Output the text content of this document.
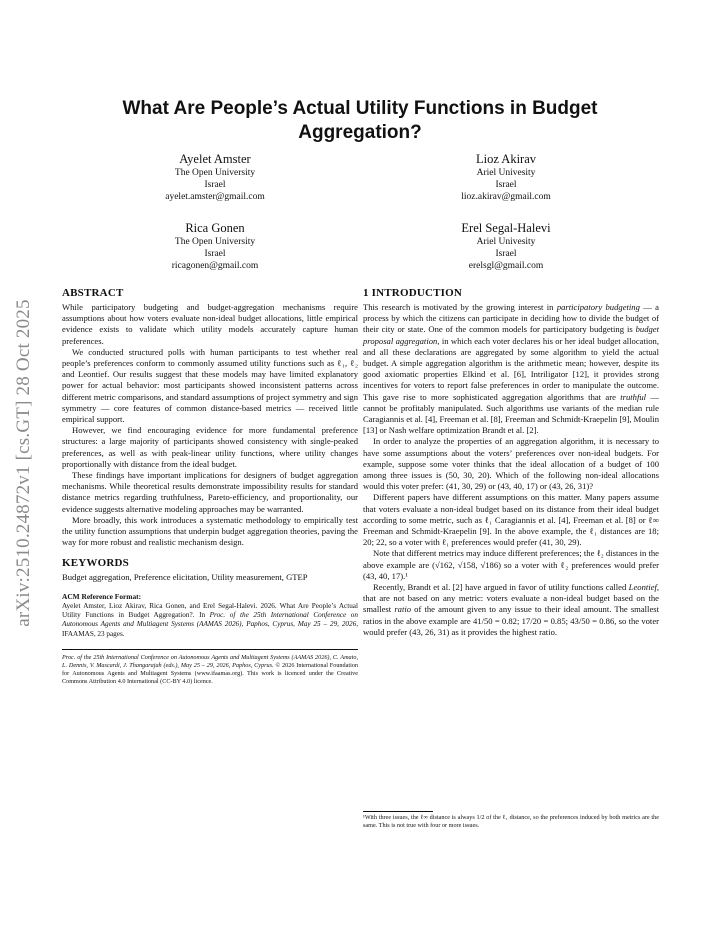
arXiv:2510.24872v1 [cs.GT] 28 Oct 2025
What Are People’s Actual Utility Functions in Budget Aggregation?
Ayelet Amster
The Open University
Israel
ayelet.amster@gmail.com
Lioz Akirav
Ariel Univesity
Israel
lioz.akirav@gmail.com
Rica Gonen
The Open University
Israel
ricagonen@gmail.com
Erel Segal-Halevi
Ariel Univesity
Israel
erelsgl@gmail.com
ABSTRACT

While participatory budgeting and budget-aggregation mechanisms require assumptions about how voters evaluate non-ideal budget allocations, little empirical evidence exists to validate which utility models accurately capture human preferences.

We conducted structured polls with human participants to test whether real people’s preferences conform to commonly assumed utility functions such as ℓ₁, ℓ₂ and Leontief. Our results suggest that these models may have limited explanatory power for actual behavior: most participants showed inconsistent patterns across different metric comparisons, and standard assumptions of project symmetry and sign symmetry — core features of common distance-based metrics — received little empirical support.

However, we find encouraging evidence for more fundamental preference structures: a large majority of participants showed consistency with single-peaked preferences, as well as with peak-linear utility functions, where utility changes proportionally with distance from the ideal budget.

These findings have important implications for designers of budget aggregation mechanisms. While theoretical results demonstrate impossibility results for standard distance metrics regarding truthfulness, Pareto-efficiency, and proportionality, our evidence suggests alternative modeling approaches may be warranted.

More broadly, this work introduces a systematic methodology to empirically test the utility function assumptions that underpin budget aggregation theories, paving the way for more robust and realistic mechanism design.

KEYWORDS

Budget aggregation, Preference elicitation, Utility measurement, GTEP

ACM Reference Format:

Ayelet Amster, Lioz Akirav, Rica Gonen, and Erel Segal-Halevi. 2026. What Are People’s Actual Utility Functions in Budget Aggregation?. In Proc. of the 25th International Conference on Autonomous Agents and Multiagent Systems (AAMAS 2026), Paphos, Cyprus, May 25 – 29, 2026, IFAAMAS, 23 pages.

Proc. of the 25th International Conference on Autonomous Agents and Multiagent Systems (AAMAS 2026), C. Amato, L. Dennis, V. Mascardi, J. Thangarajah (eds.), May 25 – 29, 2026, Paphos, Cyprus. © 2026 International Foundation for Autonomous Agents and Multiagent Systems (www.ifaamas.org). This work is licenced under the Creative Commons Attribution 4.0 International (CC-BY 4.0) licence.

1 INTRODUCTION

This research is motivated by the growing interest in participatory budgeting — a process by which the citizens can participate in deciding how to divide the budget of their city or state. One of the common models for participatory budgeting is budget proposal aggregation, in which each voter declares his or her ideal budget allocation, and all these declarations are aggregated by some algorithm to yield the actual budget. A simple aggregation algorithm is the arithmetic mean; however, despite its good axiomatic properties Elkind et al. [6], Intriligator [12], it provides strong incentives for voters to report false preferences in order to manipulate the outcome. This gave rise to more sophisticated aggregation algorithms that are truthful — cannot be profitably manipulated. Such algorithms use variants of the median rule Caragiannis et al. [4], Freeman et al. [8], Freeman and Schmidt-Kraepelin [9], Moulin [13] or Nash welfare optimization Brandt et al. [2].

In order to analyze the properties of an aggregation algorithm, it is necessary to have some assumptions about the voters’ preferences over non-ideal budgets. For example, suppose some voter thinks that the ideal allocation of a budget of 100 among three issues is (50, 30, 20). Which of the following non-ideal allocations would this voter prefer: (41, 30, 29) or (43, 40, 17) or (43, 26, 31)?

Different papers have different assumptions on this matter. Many papers assume that voters evaluate a non-ideal budget based on its distance from their ideal budget according to some metric, such as ℓ₁ Caragiannis et al. [4], Freeman et al. [8] or ℓ∞ Freeman and Schmidt-Kraepelin [9]. In the above example, the ℓ₁ distances are 18; 20; 22, so a voter with ℓ₁ preferences would prefer (41, 30, 29).

Note that different metrics may induce different preferences; the ℓ₂ distances in the above example are (√162, √158, √186) so a voter with ℓ₂ preferences would prefer (43, 40, 17).¹

Recently, Brandt et al. [2] have argued in favor of utility functions called Leontief, that are not based on any metric: voters evaluate a non-ideal budget based on the smallest ratio of the amount given to any issue to their ideal amount. The smallest ratios in the above example are 41/50 = 0.82; 17/20 = 0.85; 43/50 = 0.86, so the voter would prefer (43, 26, 31) as it provides the highest ratio.

¹With three issues, the ℓ∞ distance is always 1/2 of the ℓ₁ distance, so the preferences induced by both metrics are the same. This is not true with four or more issues.
